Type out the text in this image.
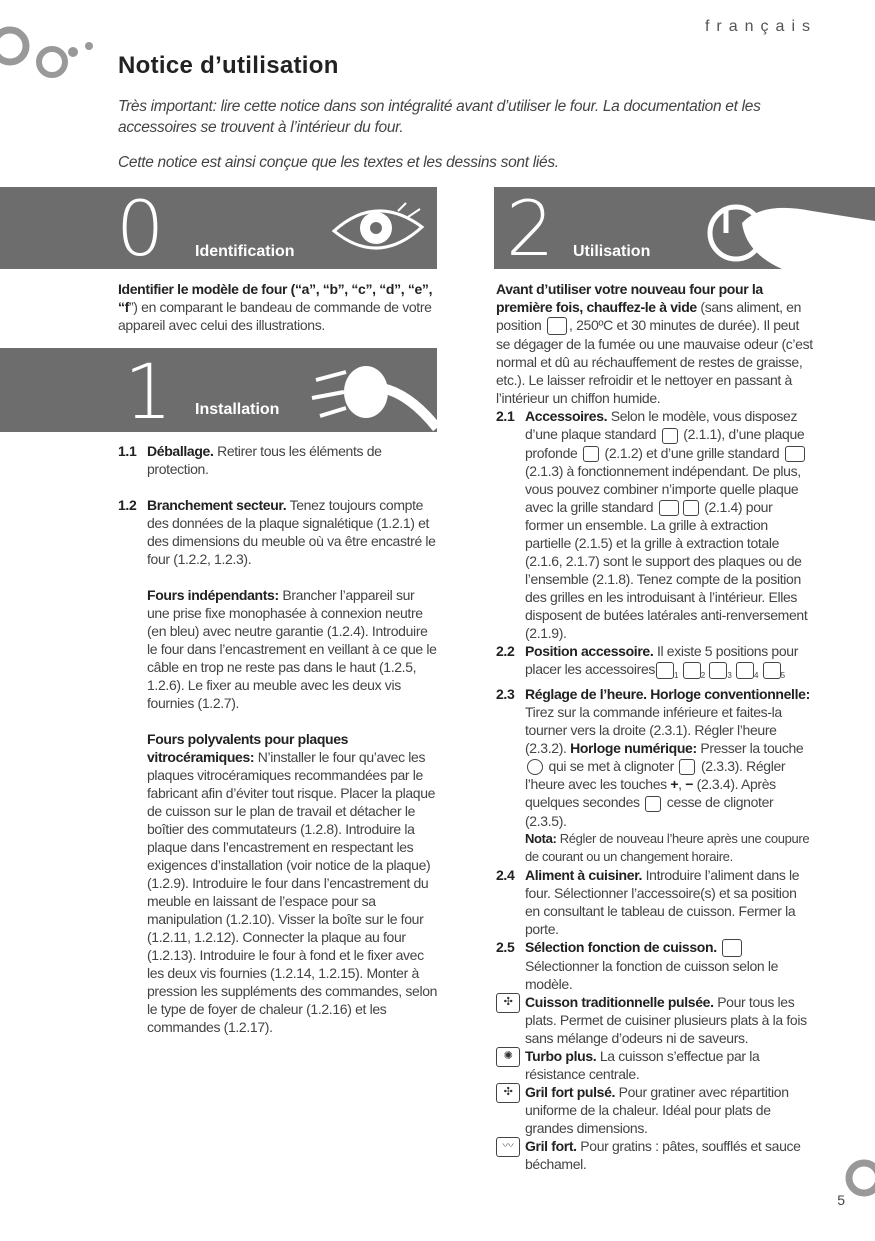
français
Notice d’utilisation
Très important: lire cette notice dans son intégralité avant d’utiliser le four. La documentation et les accessoires se trouvent à l’intérieur du four.
Cette notice est ainsi conçue que les textes et les dessins sont liés.
0 Identification	2 Utilisation

Identifier le modèle de four (“a”, “b”, “c”, “d”, “e”, “f”) en comparant le bandeau de commande de votre appareil avec celui des illustrations.

1 Installation
1.1 Déballage. Retirer tous les éléments de protection.
1.2 Branchement secteur. Tenez toujours compte des données de la plaque signalétique (1.2.1) et des dimensions du meuble où va être encastré le four (1.2.2, 1.2.3).

Fours indépendants: Brancher l’appareil sur une prise fixe monophasée à connexion neutre (en bleu) avec neutre garantie (1.2.4). Introduire le four dans l’encastrement en veillant à ce que le câble en trop ne reste pas dans le haut (1.2.5, 1.2.6). Le fixer au meuble avec les deux vis fournies (1.2.7).

Fours polyvalents pour plaques vitrocéramiques: N’installer le four qu’avec les plaques vitrocéramiques recommandées par le fabricant afin d’éviter tout risque. Placer la plaque de cuisson sur le plan de travail et détacher le boîtier des commutateurs (1.2.8). Introduire la plaque dans l’encastrement en respectant les exigences d’installation (voir notice de la plaque) (1.2.9). Introduire le four dans l’encastrement du meuble en laissant de l’espace pour sa manipulation (1.2.10). Visser la boîte sur le four (1.2.11, 1.2.12). Connecter la plaque au four (1.2.13). Introduire le four à fond et le fixer avec les deux vis fournies (1.2.14, 1.2.15). Monter à pression les suppléments des commandes, selon le type de foyer de chaleur (1.2.16) et les commandes (1.2.17).

Avant d’utiliser votre nouveau four pour la première fois, chauffez-le à vide (sans aliment, en position , 250ºC et 30 minutes de durée). Il peut se dégager de la fumée ou une mauvaise odeur (c’est normal et dû au réchauffement de restes de graisse, etc.). Le laisser refroidir et le nettoyer en passant à l’intérieur un chiffon humide.

2.1 Accessoires. Selon le modèle, vous disposez d’une plaque standard  (2.1.1), d’une plaque profonde  (2.1.2) et d’une grille standard  (2.1.3) à fonctionnement indépendant. De plus, vous pouvez combiner n’importe quelle plaque avec la grille standard	(2.1.4) pour former un ensemble. La grille à extraction partielle (2.1.5) et la grille à extraction totale (2.1.6, 2.1.7) sont le support des plaques ou de l’ensemble (2.1.8). Tenez compte de la position des grilles en les introduisant à l’intérieur. Elles disposent de butées latérales anti-renversement (2.1.9).
2.2 Position accessoire. Il existe 5 positions pour placer les accessoires $_1$	$_2$	$_3$	$_4$	$_5$
2.3 Réglage de l’heure. Horloge conventionnelle: Tirez sur la commande inférieure et faites-la tourner vers la droite (2.3.1). Régler l’heure (2.3.2). Horloge numérique: Presser la touche  qui se met à clignoter  (2.3.3). Régler l’heure avec les touches +, − (2.3.4). Après quelques secondes  cesse de clignoter (2.3.5).

Nota: Régler de nouveau l’heure après une coupure de courant ou un changement horaire.

2.4 Aliment à cuisiner. Introduire l’aliment dans le four. Sélectionner l’accessoire(s) et sa position en consultant le tableau de cuisson. Fermer la porte.
2.5 Sélection fonction de cuisson.
Sélectionner la fonction de cuisson selon le modèle.
✣ Cuisson traditionnelle pulsée. Pour tous les plats. Permet de cuisiner plusieurs plats à la fois sans mélange d’odeurs ni de saveurs.
✺ Turbo plus. La cuisson s’effectue par la résistance centrale.
✣ Gril fort pulsé. Pour gratiner avec répartition uniforme de la chaleur. Idéal pour plats de grandes dimensions.
〰 Gril fort. Pour gratins : pâtes, soufflés et sauce béchamel.
5
